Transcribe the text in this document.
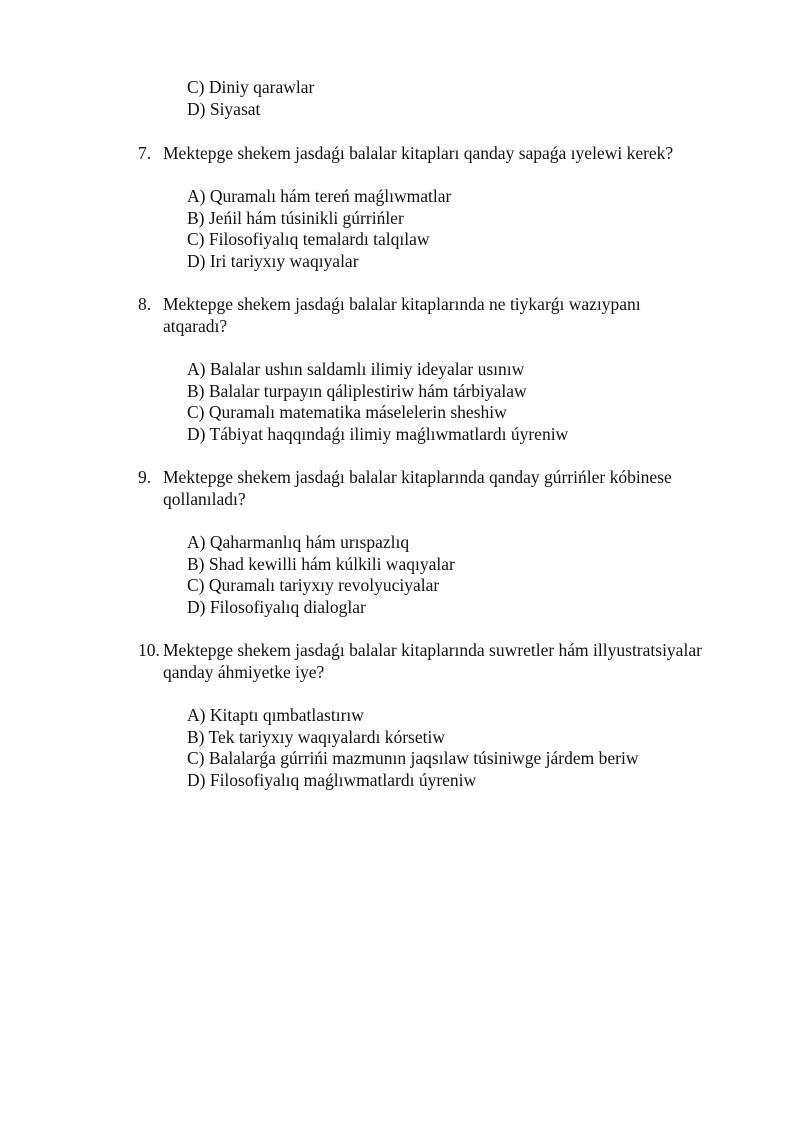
C) Diniy qarawlar
D) Siyasat
7. Mektepge shekem jasdaǵı balalar kitapları qanday sapaǵa ıyelewi kerek?
A) Quramalı hám tereń maǵlıwmatlar
B) Jeńil hám túsinikli gúrrińler
C) Filosofiyalıq temalardı talqılaw
D) Iri tariyxıy waqıyalar
8. Mektepge shekem jasdaǵı balalar kitaplarında ne tiykarǵı wazıypanı
atqaradı?
A) Balalar ushın saldamlı ilimiy ideyalar usınıw
B) Balalar turpayın qáliplestiriw hám tárbiyalaw
C) Quramalı matematika máselelerin sheshiw
D) Tábiyat haqqındaǵı ilimiy maǵlıwmatlardı úyreniw
9. Mektepge shekem jasdaǵı balalar kitaplarında qanday gúrrińler kóbinese
qollanıladı?
A) Qaharmanlıq hám urıspazlıq
B) Shad kewilli hám kúlkili waqıyalar
C) Quramalı tariyxıy revolyuciyalar
D) Filosofiyalıq dialoglar
10. Mektepge shekem jasdaǵı balalar kitaplarında suwretler hám illyustratsiyalar
qanday áhmiyetke iye?
A) Kitaptı qımbatlastırıw
B) Tek tariyxıy waqıyalardı kórsetiw
C) Balalarǵa gúrrińi mazmunın jaqsılaw túsiniwge járdem beriw
D) Filosofiyalıq maǵlıwmatlardı úyreniw
